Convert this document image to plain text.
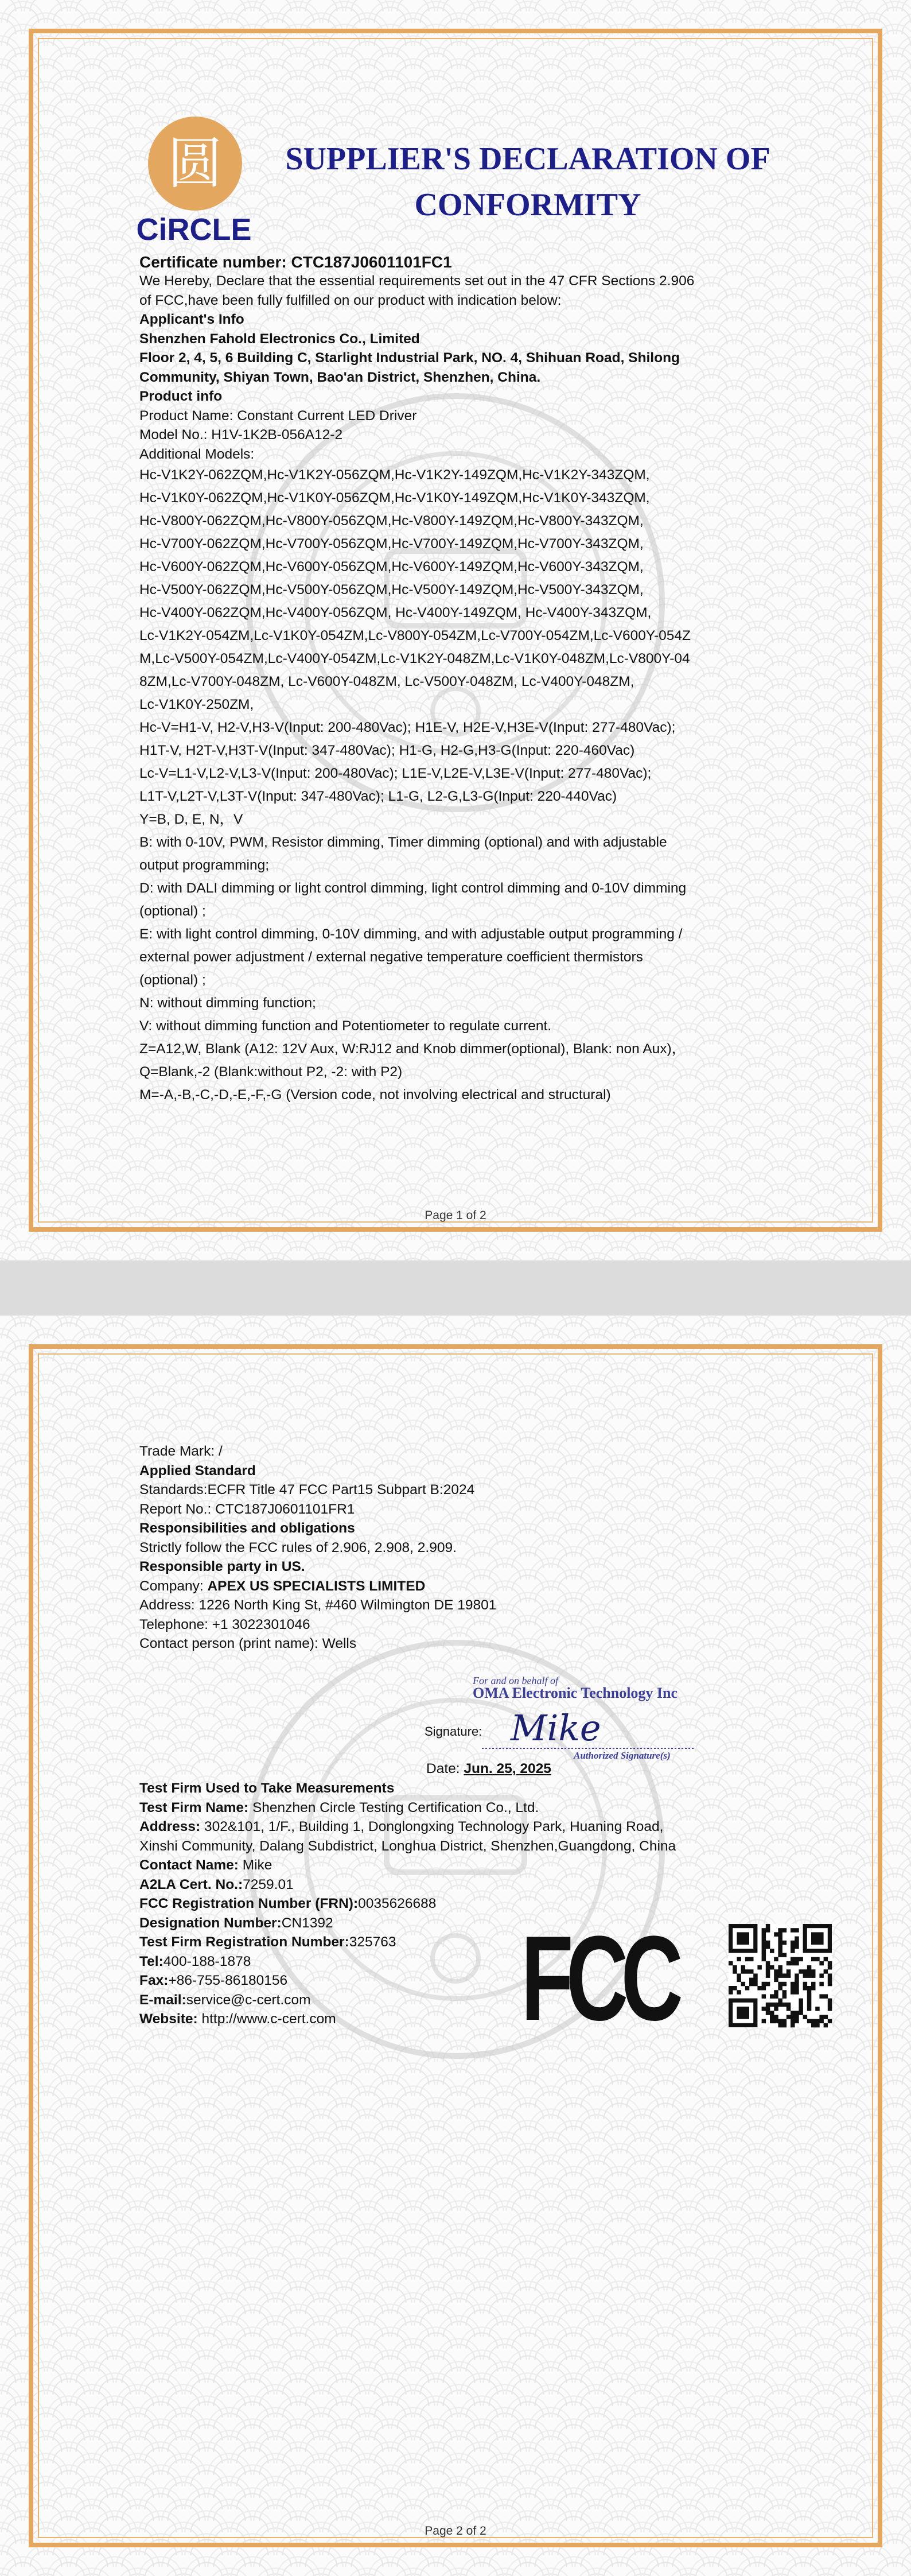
圆
CiRCLE
SUPPLIER'S DECLARATION OF
CONFORMITY
Certificate number: CTC187J0601101FC1
We Hereby, Declare that the essential requirements set out in the 47 CFR Sections 2.906
of FCC,have been fully fulfilled on our product with indication below:
Applicant's Info
Shenzhen Fahold Electronics Co., Limited
Floor 2, 4, 5, 6 Building C, Starlight Industrial Park, NO. 4, Shihuan Road, Shilong
Community, Shiyan Town, Bao'an District, Shenzhen, China.
Product info
Product Name: Constant Current LED Driver
Model No.: H1V-1K2B-056A12-2
Additional Models:
Hc-V1K2Y-062ZQM,Hc-V1K2Y-056ZQM,Hc-V1K2Y-149ZQM,Hc-V1K2Y-343ZQM,
Hc-V1K0Y-062ZQM,Hc-V1K0Y-056ZQM,Hc-V1K0Y-149ZQM,Hc-V1K0Y-343ZQM,
Hc-V800Y-062ZQM,Hc-V800Y-056ZQM,Hc-V800Y-149ZQM,Hc-V800Y-343ZQM,
Hc-V700Y-062ZQM,Hc-V700Y-056ZQM,Hc-V700Y-149ZQM,Hc-V700Y-343ZQM,
Hc-V600Y-062ZQM,Hc-V600Y-056ZQM,Hc-V600Y-149ZQM,Hc-V600Y-343ZQM,
Hc-V500Y-062ZQM,Hc-V500Y-056ZQM,Hc-V500Y-149ZQM,Hc-V500Y-343ZQM,
Hc-V400Y-062ZQM,Hc-V400Y-056ZQM, Hc-V400Y-149ZQM, Hc-V400Y-343ZQM,
Lc-V1K2Y-054ZM,Lc-V1K0Y-054ZM,Lc-V800Y-054ZM,Lc-V700Y-054ZM,Lc-V600Y-054Z
M,Lc-V500Y-054ZM,Lc-V400Y-054ZM,Lc-V1K2Y-048ZM,Lc-V1K0Y-048ZM,Lc-V800Y-04
8ZM,Lc-V700Y-048ZM, Lc-V600Y-048ZM, Lc-V500Y-048ZM, Lc-V400Y-048ZM,
Lc-V1K0Y-250ZM,
Hc-V=H1-V, H2-V,H3-V(Input: 200-480Vac); H1E-V, H2E-V,H3E-V(Input: 277-480Vac);
H1T-V, H2T-V,H3T-V(Input: 347-480Vac); H1-G, H2-G,H3-G(Input: 220-460Vac)
Lc-V=L1-V,L2-V,L3-V(Input: 200-480Vac); L1E-V,L2E-V,L3E-V(Input: 277-480Vac);
L1T-V,L2T-V,L3T-V(Input: 347-480Vac); L1-G, L2-G,L3-G(Input: 220-440Vac)
Y=B, D, E, N，V
B: with 0-10V, PWM, Resistor dimming, Timer dimming (optional) and with adjustable
output programming;
D: with DALI dimming or light control dimming, light control dimming and 0-10V dimming
(optional) ;
E: with light control dimming, 0-10V dimming, and with adjustable output programming /
external power adjustment / external negative temperature coefficient thermistors
(optional) ;
N: without dimming function;
V: without dimming function and Potentiometer to regulate current.
Z=A12,W, Blank (A12: 12V Aux, W:RJ12 and Knob dimmer(optional), Blank: non Aux)，
Q=Blank,-2 (Blank:without P2, -2: with P2)
M=-A,-B,-C,-D,-E,-F,-G (Version code, not involving electrical and structural)
Page 1 of 2
Trade Mark: /
Applied Standard
Standards:ECFR Title 47 FCC Part15 Subpart B:2024
Report No.: CTC187J0601101FR1
Responsibilities and obligations
Strictly follow the FCC rules of 2.906, 2.908, 2.909.
Responsible party in US.
Company: APEX US SPECIALISTS LIMITED
Address: 1226 North King St, #460 Wilmington DE 19801
Telephone: +1 3022301046
Contact person (print name): Wells
For and on behalf of
OMA Electronic Technology Inc
Signature: Mike
Authorized Signature(s)
Date: Jun. 25, 2025
Test Firm Used to Take Measurements
Test Firm Name: Shenzhen Circle Testing Certification Co., Ltd.
Address: 302&101, 1/F., Building 1, Donglongxing Technology Park, Huaning Road,
Xinshi Community, Dalang Subdistrict, Longhua District, Shenzhen,Guangdong, China
Contact Name: Mike
A2LA Cert. No.:7259.01
FCC Registration Number (FRN):0035626688
Designation Number:CN1392
Test Firm Registration Number:325763
Tel:400-188-1878
Fax:+86-755-86180156
E-mail:service@c-cert.com
Website: http://www.c-cert.com	FCC
Page 2 of 2
